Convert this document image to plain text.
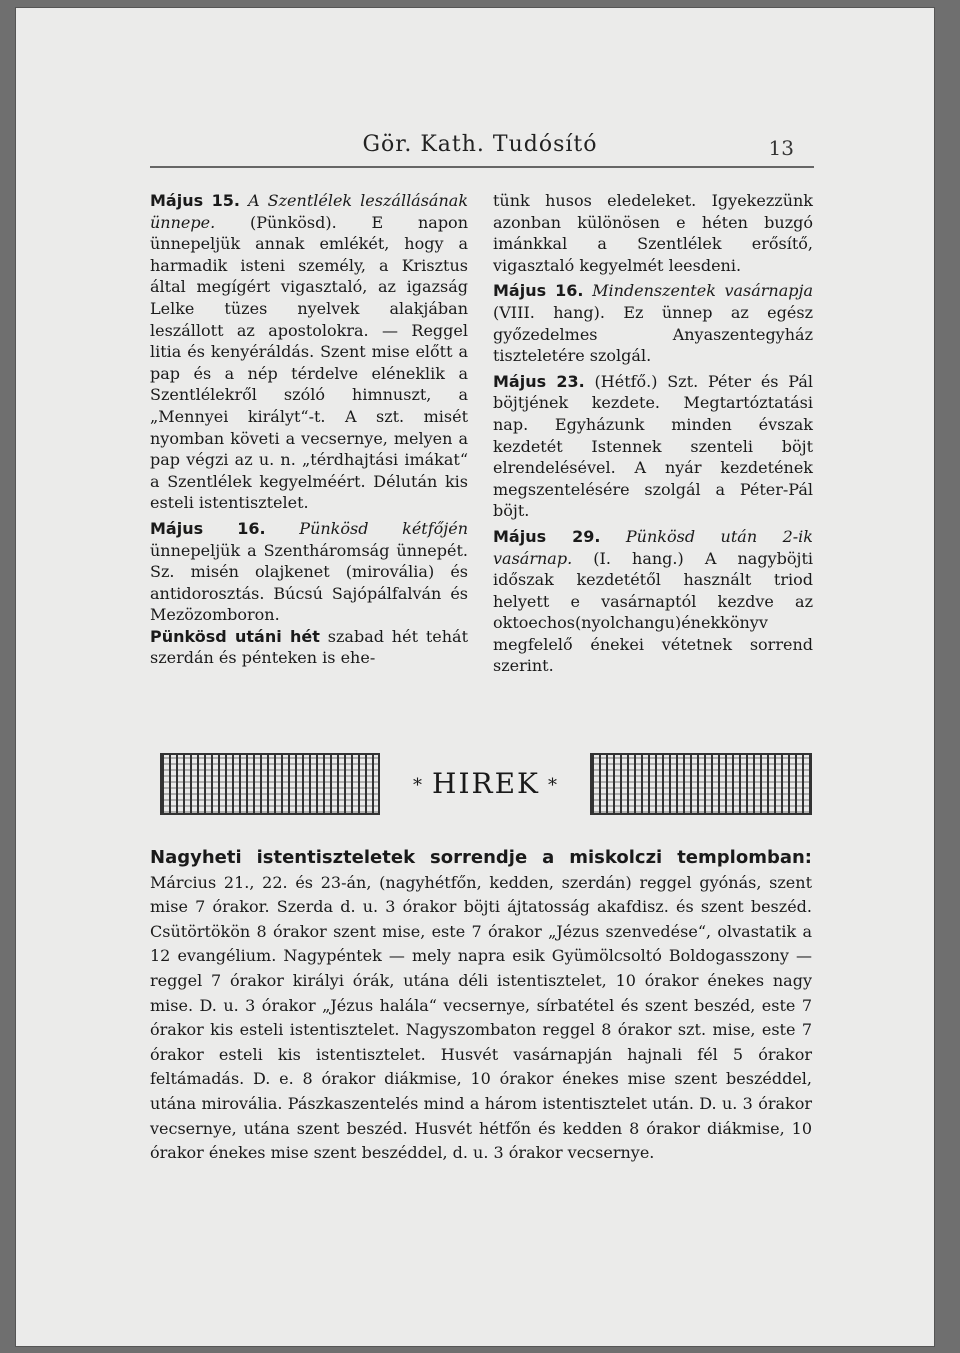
Gör. Kath. Tudósító	13

Május 15. A Szentlélek leszállásának ünnepe. (Pünkösd). E napon ünnepeljük annak emlékét, hogy a harmadik isteni személy, a Krisztus által megígért vigasztaló, az igazság Lelke tüzes nyelvek alakjában leszállott az apostolokra. — Reggel litia és kenyéráldás. Szent mise előtt a pap és a nép térdelve eléneklik a Szentlélekről szóló himnuszt, a „Mennyei királyt“-t. A szt. misét nyomban követi a vecsernye, melyen a pap végzi az u. n. „térdhajtási imákat“ a Szentlélek kegyelméért. Délután kis esteli istentisztelet.

Május 16. Pünkösd kétfőjén ünnepeljük a Szentháromság ünnepét. Sz. misén olajkenet (mirovália) és antidorosztás. Búcsú Sajópálfalván és Mezözomboron.

Pünkösd utáni hét szabad hét tehát szerdán és pénteken is ehe-

tünk husos eledeleket. Igyekezzünk azonban különösen e héten buzgó imánkkal a Szentlélek erősítő, vigasztaló kegyelmét leesdeni.

Május 16. Mindenszentek vasárnapja (VIII. hang). Ez ünnep az egész győzedelmes Anyaszentegyház tiszteletére szolgál.

Május 23. (Hétfő.) Szt. Péter és Pál böjtjének kezdete. Megtartóztatási nap. Egyházunk minden évszak kezdetét Istennek szenteli böjt elrendelésével. A nyár kezdetének megszentelésére szolgál a Péter-Pál böjt.

Május 29. Pünkösd után 2-ik vasárnap. (I. hang.) A nagyböjti időszak kezdetétől használt triod helyett e vasárnaptól kezdve az oktoechos(nyolchangu)énekkönyv megfelelő énekei vétetnek sorrend szerint.

* HIREK *
Nagyheti istentiszteletek sorrendje a miskolczi templomban: Március 21., 22. és 23-án, (nagyhétfőn, kedden, szerdán) reggel gyónás, szent mise 7 órakor. Szerda d. u. 3 órakor böjti ájtatosság akafdisz. és szent beszéd. Csütörtökön 8 órakor szent mise, este 7 órakor „Jézus szenvedése“, olvastatik a 12 evangélium. Nagypéntek — mely napra esik Gyümölcsoltó Boldogasszony — reggel 7 órakor királyi órák, utána déli istentisztelet, 10 órakor énekes nagy mise. D. u. 3 órakor „Jézus halála“ vecsernye, sírbatétel és szent beszéd, este 7 órakor kis esteli istentisztelet. Nagyszombaton reggel 8 órakor szt. mise, este 7 órakor esteli kis istentisztelet. Husvét vasárnapján hajnali fél 5 órakor feltámadás. D. e. 8 órakor diákmise, 10 órakor énekes mise szent beszéddel, utána mirovália. Pászkaszentelés mind a három istentisztelet után. D. u. 3 órakor vecsernye, utána szent beszéd. Husvét hétfőn és kedden 8 órakor diákmise, 10 órakor énekes mise szent beszéddel, d. u. 3 órakor vecsernye.
